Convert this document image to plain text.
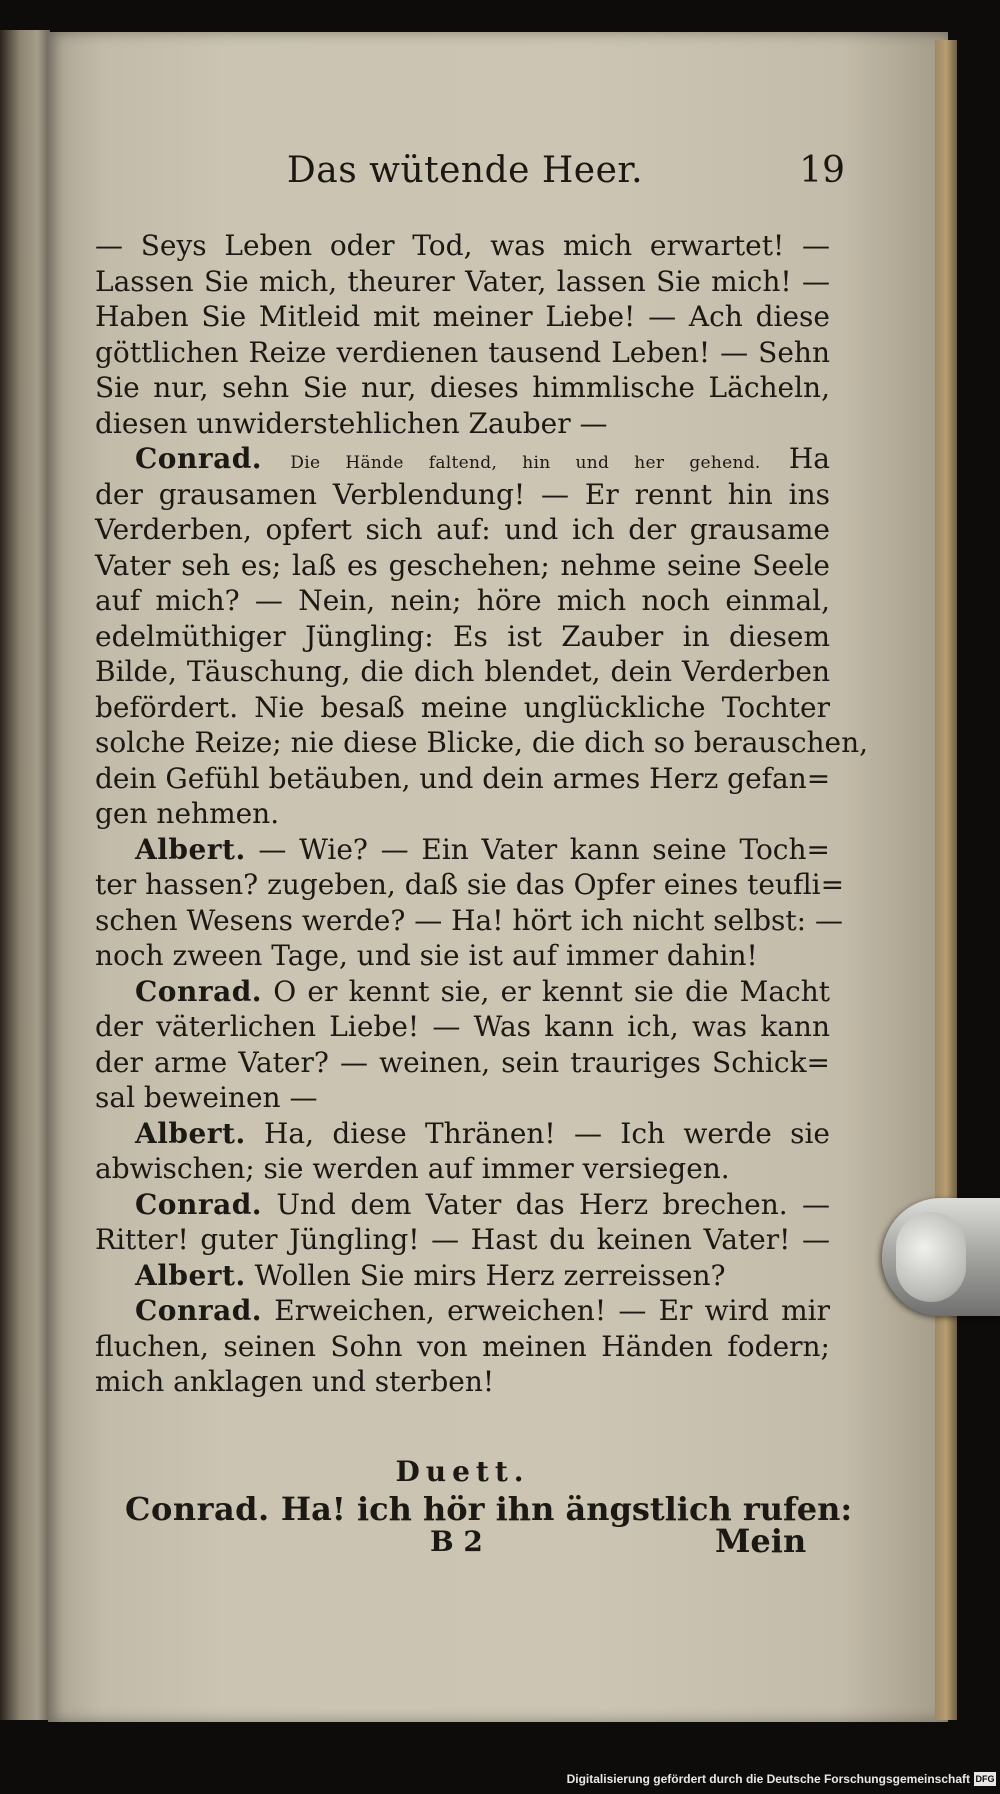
Das wütende Heer.	19
— Seys Leben oder Tod, was mich erwartet! —
Lassen Sie mich, theurer Vater, lassen Sie mich! —
Haben Sie Mitleid mit meiner Liebe! — Ach diese
göttlichen Reize verdienen tausend Leben! — Sehn
Sie nur, sehn Sie nur, dieses himmlische Lächeln,
diesen unwiderstehlichen Zauber —
Conrad. Die Hände faltend, hin und her gehend. Ha
der grausamen Verblendung! — Er rennt hin ins
Verderben, opfert sich auf: und ich der grausame
Vater seh es; laß es geschehen; nehme seine Seele
auf mich? — Nein, nein; höre mich noch einmal,
edelmüthiger Jüngling: Es ist Zauber in diesem
Bilde, Täuschung, die dich blendet, dein Verderben
befördert. Nie besaß meine unglückliche Tochter
solche Reize; nie diese Blicke, die dich so berauschen,
dein Gefühl betäuben, und dein armes Herz gefan=
gen nehmen.
Albert. — Wie? — Ein Vater kann seine Toch=
ter hassen? zugeben, daß sie das Opfer eines teufli=
schen Wesens werde? — Ha! hört ich nicht selbst: —
noch zween Tage, und sie ist auf immer dahin!
Conrad. O er kennt sie, er kennt sie die Macht
der väterlichen Liebe! — Was kann ich, was kann
der arme Vater? — weinen, sein trauriges Schick=
sal beweinen —
Albert. Ha, diese Thränen! — Ich werde sie
abwischen; sie werden auf immer versiegen.
Conrad. Und dem Vater das Herz brechen. —
Ritter! guter Jüngling! — Hast du keinen Vater! —
Albert. Wollen Sie mirs Herz zerreissen?
Conrad. Erweichen, erweichen! — Er wird mir
fluchen, seinen Sohn von meinen Händen fodern;
mich anklagen und sterben!
Duett.
Conrad. Ha! ich hör ihn ängstlich rufen:
B 2	Mein
Digitalisierung gefördert durch die Deutsche Forschungsgemeinschaft DFG
